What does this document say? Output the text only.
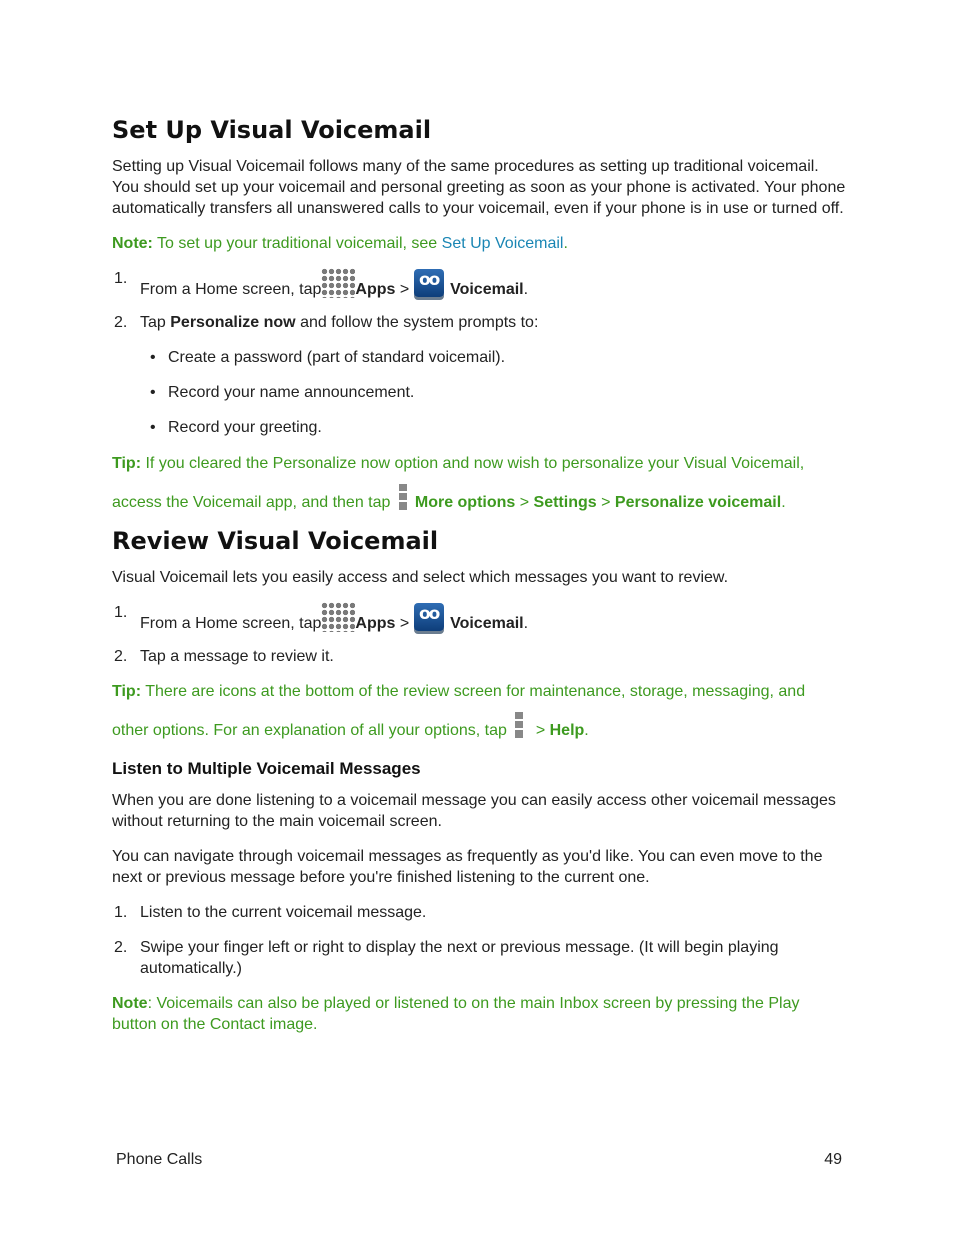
Set Up Visual Voicemail

Setting up Visual Voicemail follows many of the same procedures as setting up traditional voicemail. You should set up your voicemail and personal greeting as soon as your phone is activated. Your phone automatically transfers all unanswered calls to your voicemail, even if your phone is in use or turned off.

Note: To set up your traditional voicemail, see Set Up Voicemail.

1.
From a Home screen, tap Apps > oo Voicemail.
2. Tap Personalize now and follow the system prompts to:
• Create a password (part of standard voicemail).
• Record your name announcement.
• Record your greeting.

Tip: If you cleared the Personalize now option and now wish to personalize your Visual Voicemail,

access the Voicemail app, and then tap More options > Settings > Personalize voicemail.

Review Visual Voicemail

Visual Voicemail lets you easily access and select which messages you want to review.

1.
From a Home screen, tap Apps > oo Voicemail.
2. Tap a message to review it.

Tip: There are icons at the bottom of the review screen for maintenance, storage, messaging, and

other options. For an explanation of all your options, tap  > Help.

Listen to Multiple Voicemail Messages

When you are done listening to a voicemail message you can easily access other voicemail messages without returning to the main voicemail screen.

You can navigate through voicemail messages as frequently as you'd like. You can even move to the next or previous message before you're finished listening to the current one.

1. Listen to the current voicemail message.
2. Swipe your finger left or right to display the next or previous message. (It will begin playing automatically.)

Note: Voicemails can also be played or listened to on the main Inbox screen by pressing the Play button on the Contact image.

Phone Calls	49
